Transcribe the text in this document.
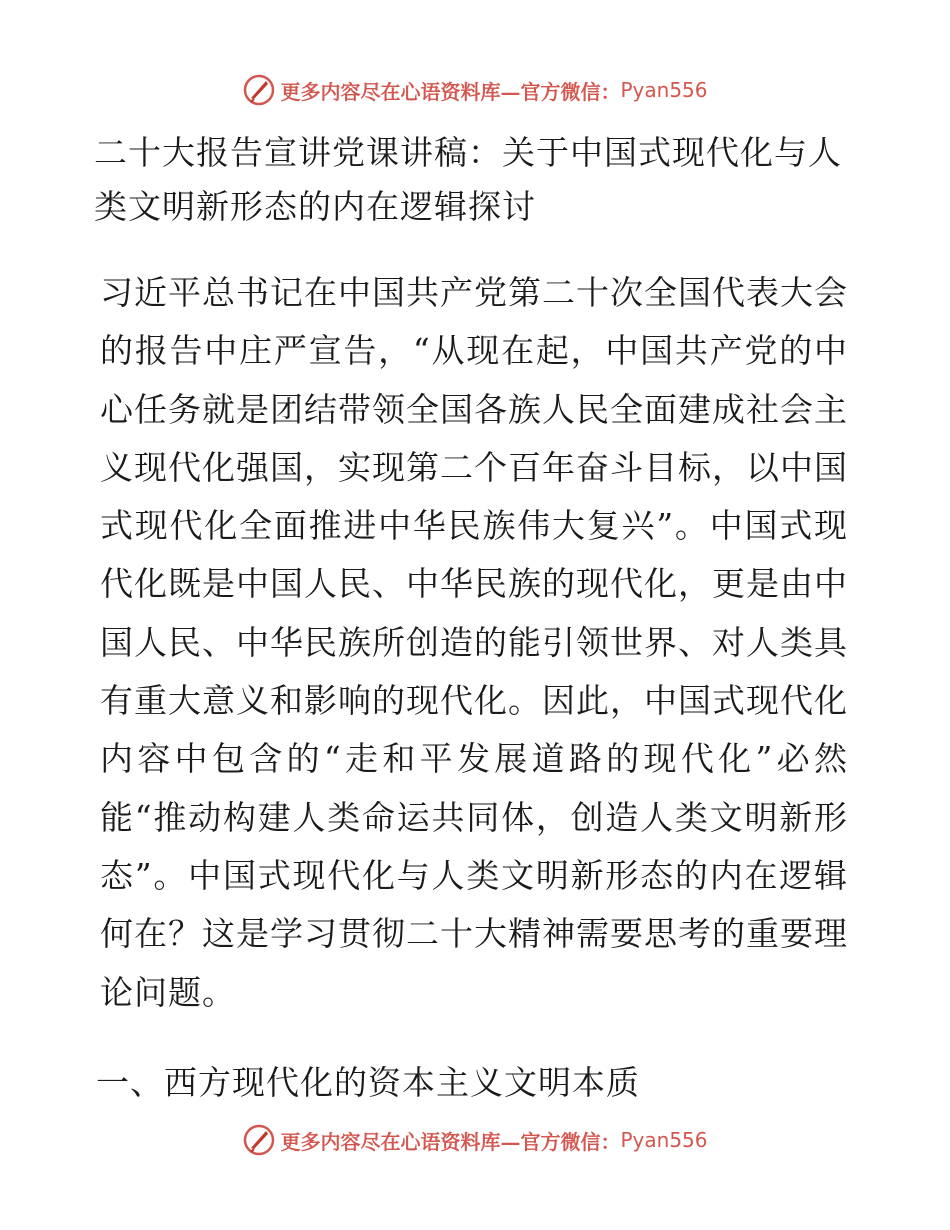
更多内容尽在心语资料库—官方微信： Pyan556
二十大报告宣讲党课讲稿：关于中国式现代化与人类文明新形态的内在逻辑探讨

习近平总书记在中国共产党第二十次全国代表大会的报告中庄严宣告，“从现在起，中国共产党的中心任务就是团结带领全国各族人民全面建成社会主义现代化强国，实现第二个百年奋斗目标，以中国式现代化全面推进中华民族伟大复兴”。中国式现代化既是中国人民、中华民族的现代化，更是由中国人民、中华民族所创造的能引领世界、对人类具有重大意义和影响的现代化。因此，中国式现代化内容中包含的“走和平发展道路的现代化”必然能“推动构建人类命运共同体，创造人类文明新形态”。中国式现代化与人类文明新形态的内在逻辑何在？这是学习贯彻二十大精神需要思考的重要理论问题。

一、西方现代化的资本主义文明本质
更多内容尽在心语资料库—官方微信： Pyan556
